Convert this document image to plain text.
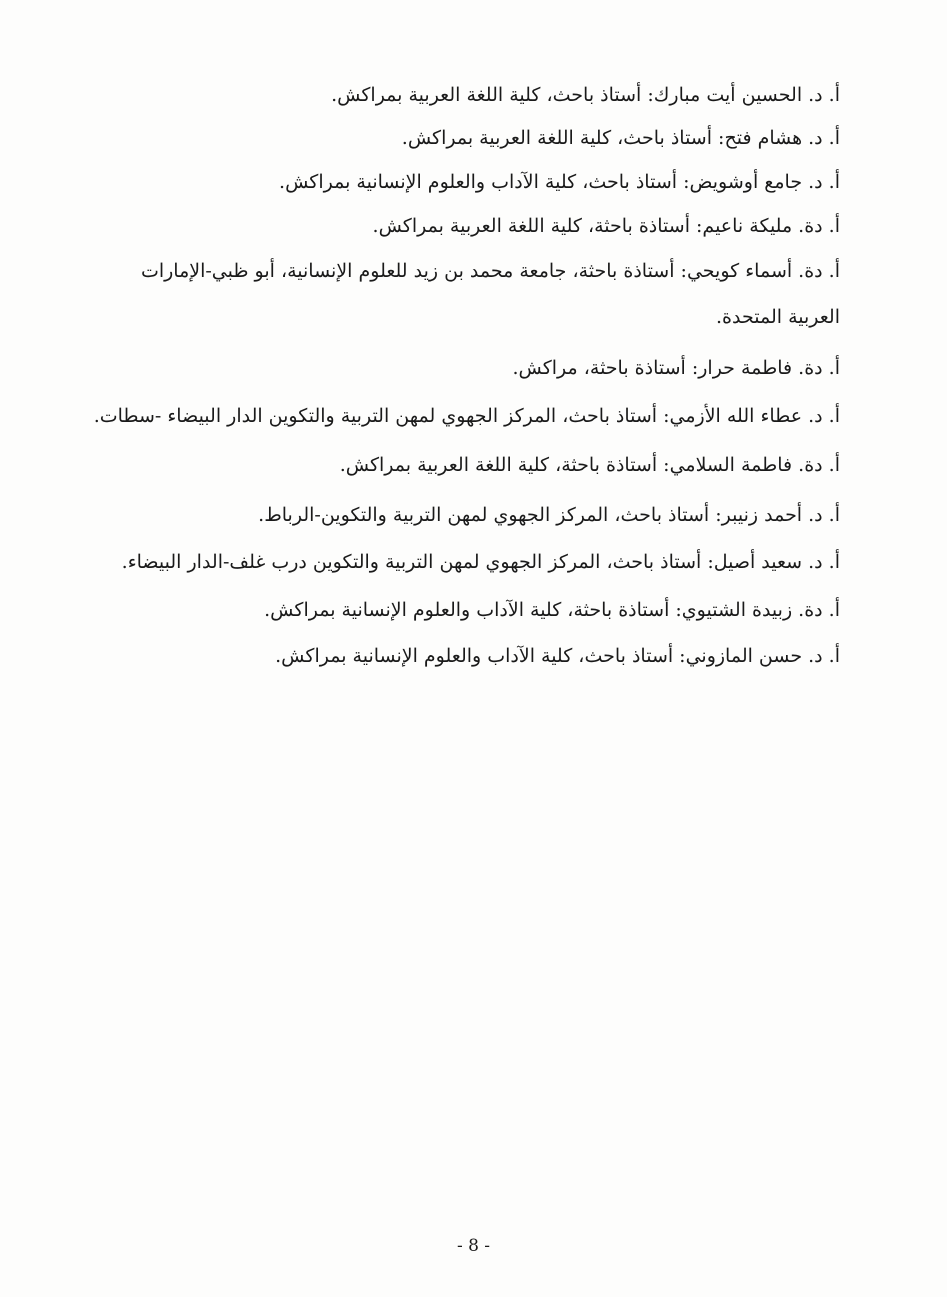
أ. د. الحسين أيت مبارك: أستاذ باحث، كلية اللغة العربية بمراكش.
أ. د. هشام فتح: أستاذ باحث، كلية اللغة العربية بمراكش.
أ. د. جامع أوشويض: أستاذ باحث، كلية الآداب والعلوم الإنسانية بمراكش.
أ. دة. مليكة ناعيم: أستاذة باحثة، كلية اللغة العربية بمراكش.
أ. دة. أسماء كويحي: أستاذة باحثة، جامعة محمد بن زيد للعلوم الإنسانية، أبو ظبي-الإمارات العربية المتحدة.
أ. دة. فاطمة حرار: أستاذة باحثة، مراكش.
أ. د. عطاء الله الأزمي: أستاذ باحث، المركز الجهوي لمهن التربية والتكوين الدار البيضاء -سطات.
أ. دة. فاطمة السلامي: أستاذة باحثة، كلية اللغة العربية بمراكش.
أ. د. أحمد زنيبر: أستاذ باحث، المركز الجهوي لمهن التربية والتكوين-الرباط.
أ. د. سعيد أصيل: أستاذ باحث، المركز الجهوي لمهن التربية والتكوين درب غلف-الدار البيضاء.
أ. دة. زبيدة الشتيوي: أستاذة باحثة، كلية الآداب والعلوم الإنسانية بمراكش.
أ. د. حسن المازوني: أستاذ باحث، كلية الآداب والعلوم الإنسانية بمراكش.
- 8 -
